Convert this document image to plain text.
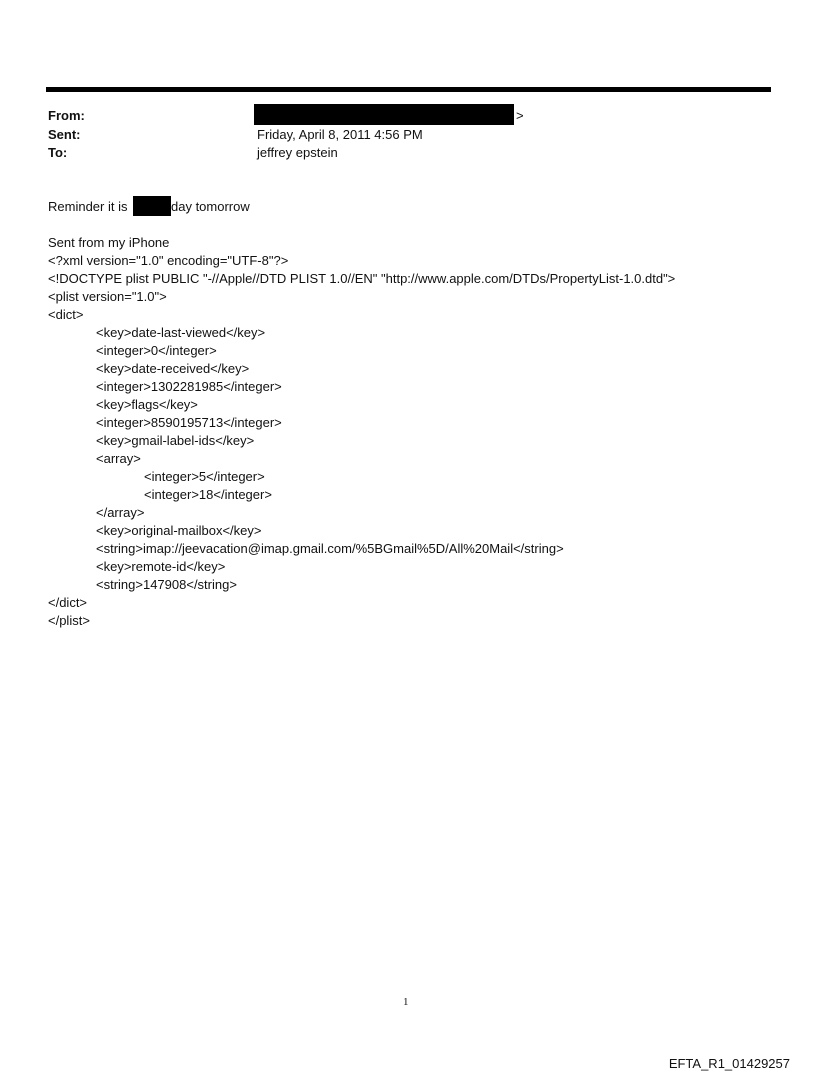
From:	>
Sent:	Friday, April 8, 2011 4:56 PM
To:	jeffrey epstein
Reminder it is	day tomorrow
Sent from my iPhone
<?xml version="1.0" encoding="UTF-8"?>
<!DOCTYPE plist PUBLIC "-//Apple//DTD PLIST 1.0//EN" "http://www.apple.com/DTDs/PropertyList-1.0.dtd">
<plist version="1.0">
<dict>
<key>date-last-viewed</key>
<integer>0</integer>
<key>date-received</key>
<integer>1302281985</integer>
<key>flags</key>
<integer>8590195713</integer>
<key>gmail-label-ids</key>
<array>
<integer>5</integer>
<integer>18</integer>
</array>
<key>original-mailbox</key>
<string>imap://jeevacation@imap.gmail.com/%5BGmail%5D/All%20Mail</string>
<key>remote-id</key>
<string>147908</string>
</dict>
</plist>
1
EFTA_R1_01429257
